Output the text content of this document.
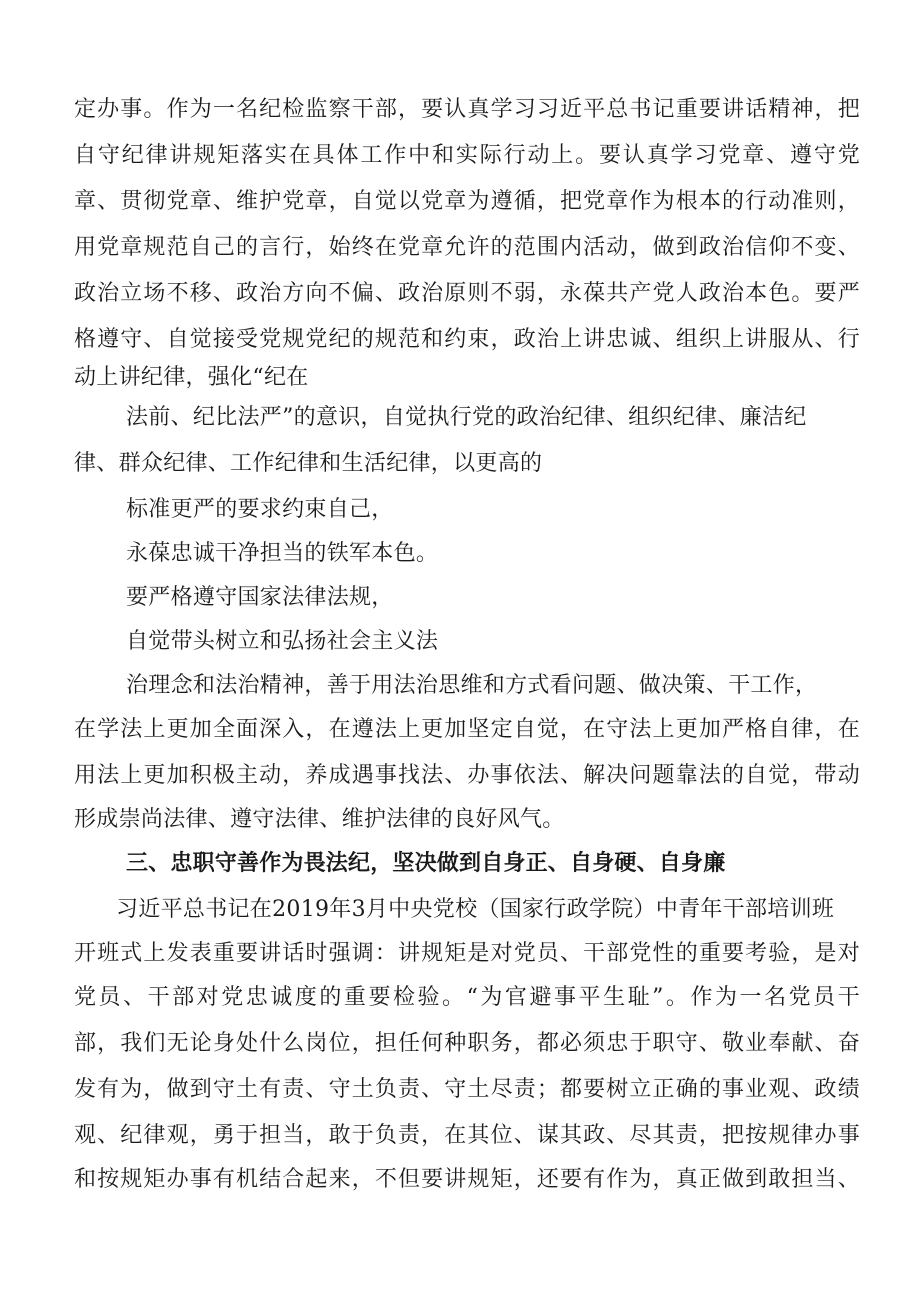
定办事。作为一名纪检监察干部，要认真学习习近平总书记重要讲话精神，把
自守纪律讲规矩落实在具体工作中和实际行动上。要认真学习党章、遵守党
章、贯彻党章、维护党章，自觉以党章为遵循，把党章作为根本的行动准则，
用党章规范自己的言行，始终在党章允许的范围内活动，做到政治信仰不变、
政治立场不移、政治方向不偏、政治原则不弱，永葆共产党人政治本色。要严
格遵守、自觉接受党规党纪的规范和约束，政治上讲忠诚、组织上讲服从、行
动上讲纪律，强化“纪在
法前、纪比法严”的意识，自觉执行党的政治纪律、组织纪律、廉洁纪
律、群众纪律、工作纪律和生活纪律，以更高的
标准更严的要求约束自己，
永葆忠诚干净担当的铁军本色。
要严格遵守国家法律法规，
自觉带头树立和弘扬社会主义法
治理念和法治精神，善于用法治思维和方式看问题、做决策、干工作，
在学法上更加全面深入，在遵法上更加坚定自觉，在守法上更加严格自律，在
用法上更加积极主动，养成遇事找法、办事依法、解决问题靠法的自觉，带动
形成崇尚法律、遵守法律、维护法律的良好风气。
三、忠职守善作为畏法纪，坚决做到自身正、自身硬、自身廉
习近平总书记在2019年3月中央党校（国家行政学院）中青年干部培训班
开班式上发表重要讲话时强调：讲规矩是对党员、干部党性的重要考验，是对
党员、干部对党忠诚度的重要检验。“为官避事平生耻”。作为一名党员干
部，我们无论身处什么岗位，担任何种职务，都必须忠于职守、敬业奉献、奋
发有为，做到守土有责、守土负责、守土尽责；都要树立正确的事业观、政绩
观、纪律观，勇于担当，敢于负责，在其位、谋其政、尽其责，把按规律办事
和按规矩办事有机结合起来，不但要讲规矩，还要有作为，真正做到敢担当、
